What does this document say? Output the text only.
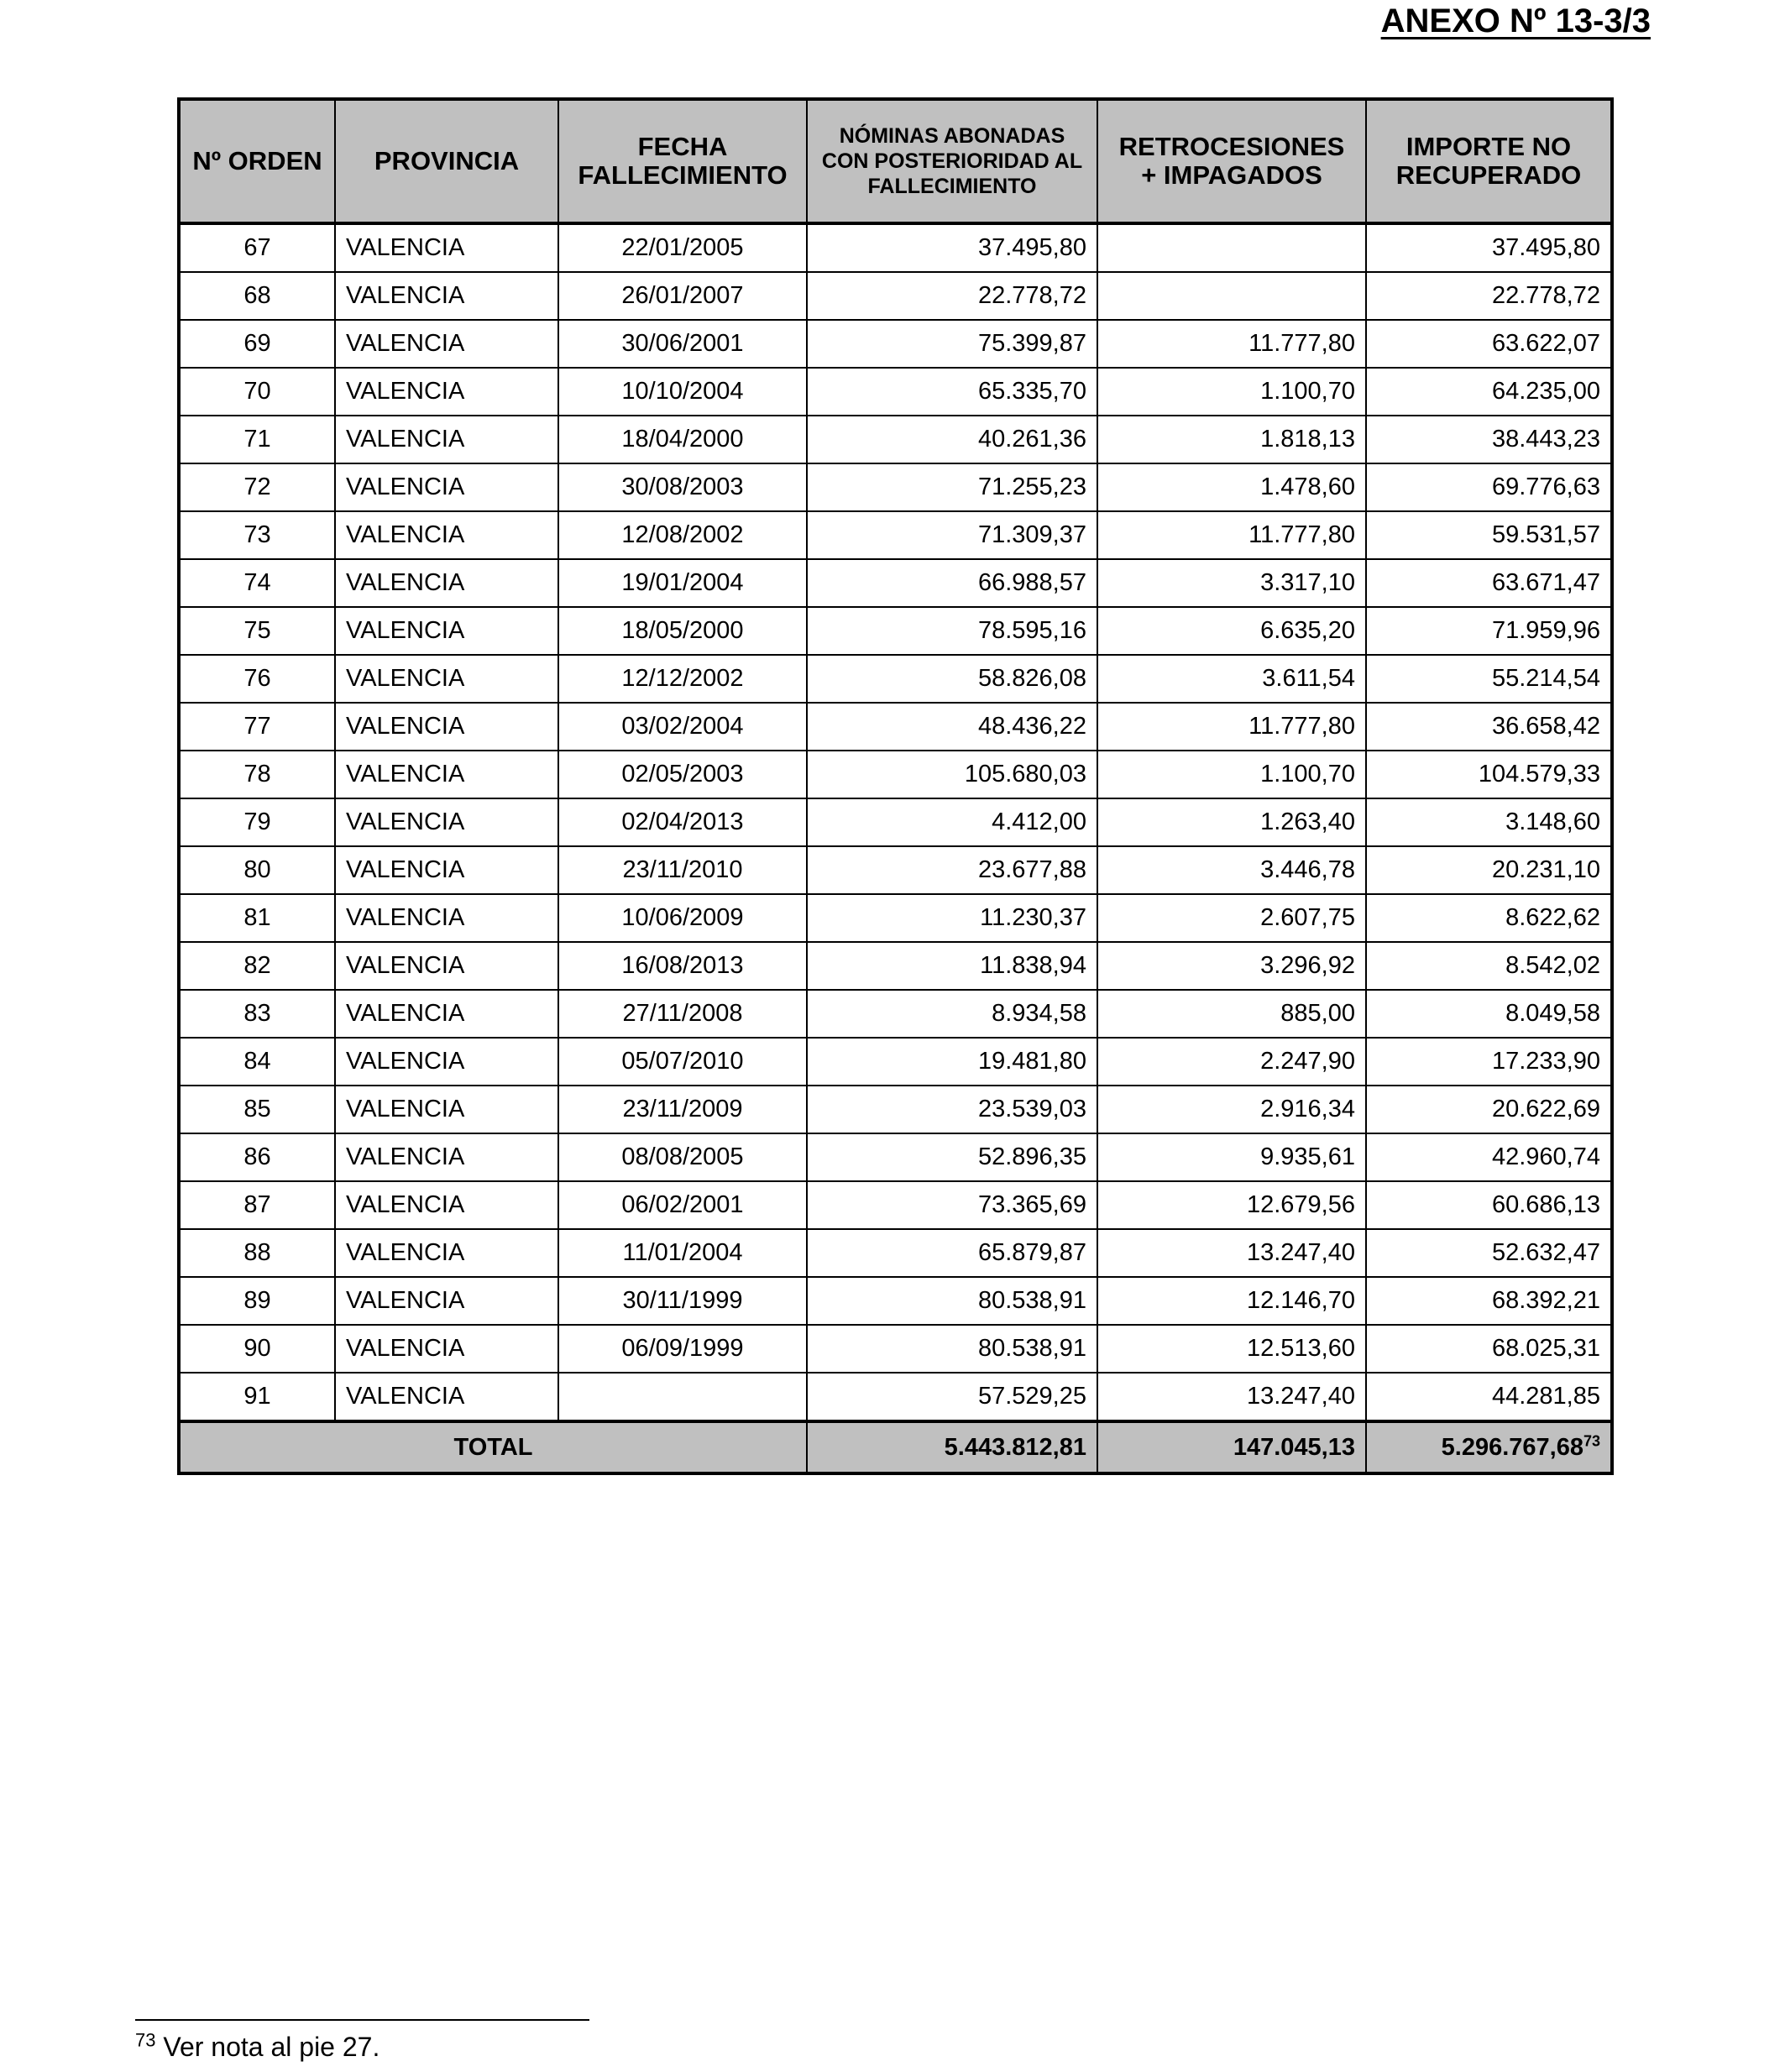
ANEXO Nº 13-3/3
Nº ORDEN	PROVINCIA	FECHA FALLECIMIENTO	NÓMINAS ABONADAS CON POSTERIORIDAD AL FALLECIMIENTO	RETROCESIONES + IMPAGADOS	IMPORTE NO RECUPERADO
67	VALENCIA	22/01/2005	37.495,80		37.495,80
68	VALENCIA	26/01/2007	22.778,72		22.778,72
69	VALENCIA	30/06/2001	75.399,87	11.777,80	63.622,07
70	VALENCIA	10/10/2004	65.335,70	1.100,70	64.235,00
71	VALENCIA	18/04/2000	40.261,36	1.818,13	38.443,23
72	VALENCIA	30/08/2003	71.255,23	1.478,60	69.776,63
73	VALENCIA	12/08/2002	71.309,37	11.777,80	59.531,57
74	VALENCIA	19/01/2004	66.988,57	3.317,10	63.671,47
75	VALENCIA	18/05/2000	78.595,16	6.635,20	71.959,96
76	VALENCIA	12/12/2002	58.826,08	3.611,54	55.214,54
77	VALENCIA	03/02/2004	48.436,22	11.777,80	36.658,42
78	VALENCIA	02/05/2003	105.680,03	1.100,70	104.579,33
79	VALENCIA	02/04/2013	4.412,00	1.263,40	3.148,60
80	VALENCIA	23/11/2010	23.677,88	3.446,78	20.231,10
81	VALENCIA	10/06/2009	11.230,37	2.607,75	8.622,62
82	VALENCIA	16/08/2013	11.838,94	3.296,92	8.542,02
83	VALENCIA	27/11/2008	8.934,58	885,00	8.049,58
84	VALENCIA	05/07/2010	19.481,80	2.247,90	17.233,90
85	VALENCIA	23/11/2009	23.539,03	2.916,34	20.622,69
86	VALENCIA	08/08/2005	52.896,35	9.935,61	42.960,74
87	VALENCIA	06/02/2001	73.365,69	12.679,56	60.686,13
88	VALENCIA	11/01/2004	65.879,87	13.247,40	52.632,47
89	VALENCIA	30/11/1999	80.538,91	12.146,70	68.392,21
90	VALENCIA	06/09/1999	80.538,91	12.513,60	68.025,31
91	VALENCIA		57.529,25	13.247,40	44.281,85
TOTAL			5.443.812,81	147.045,13	5.296.767,68$^{73}$
$^{73}$ Ver nota al pie 27.
